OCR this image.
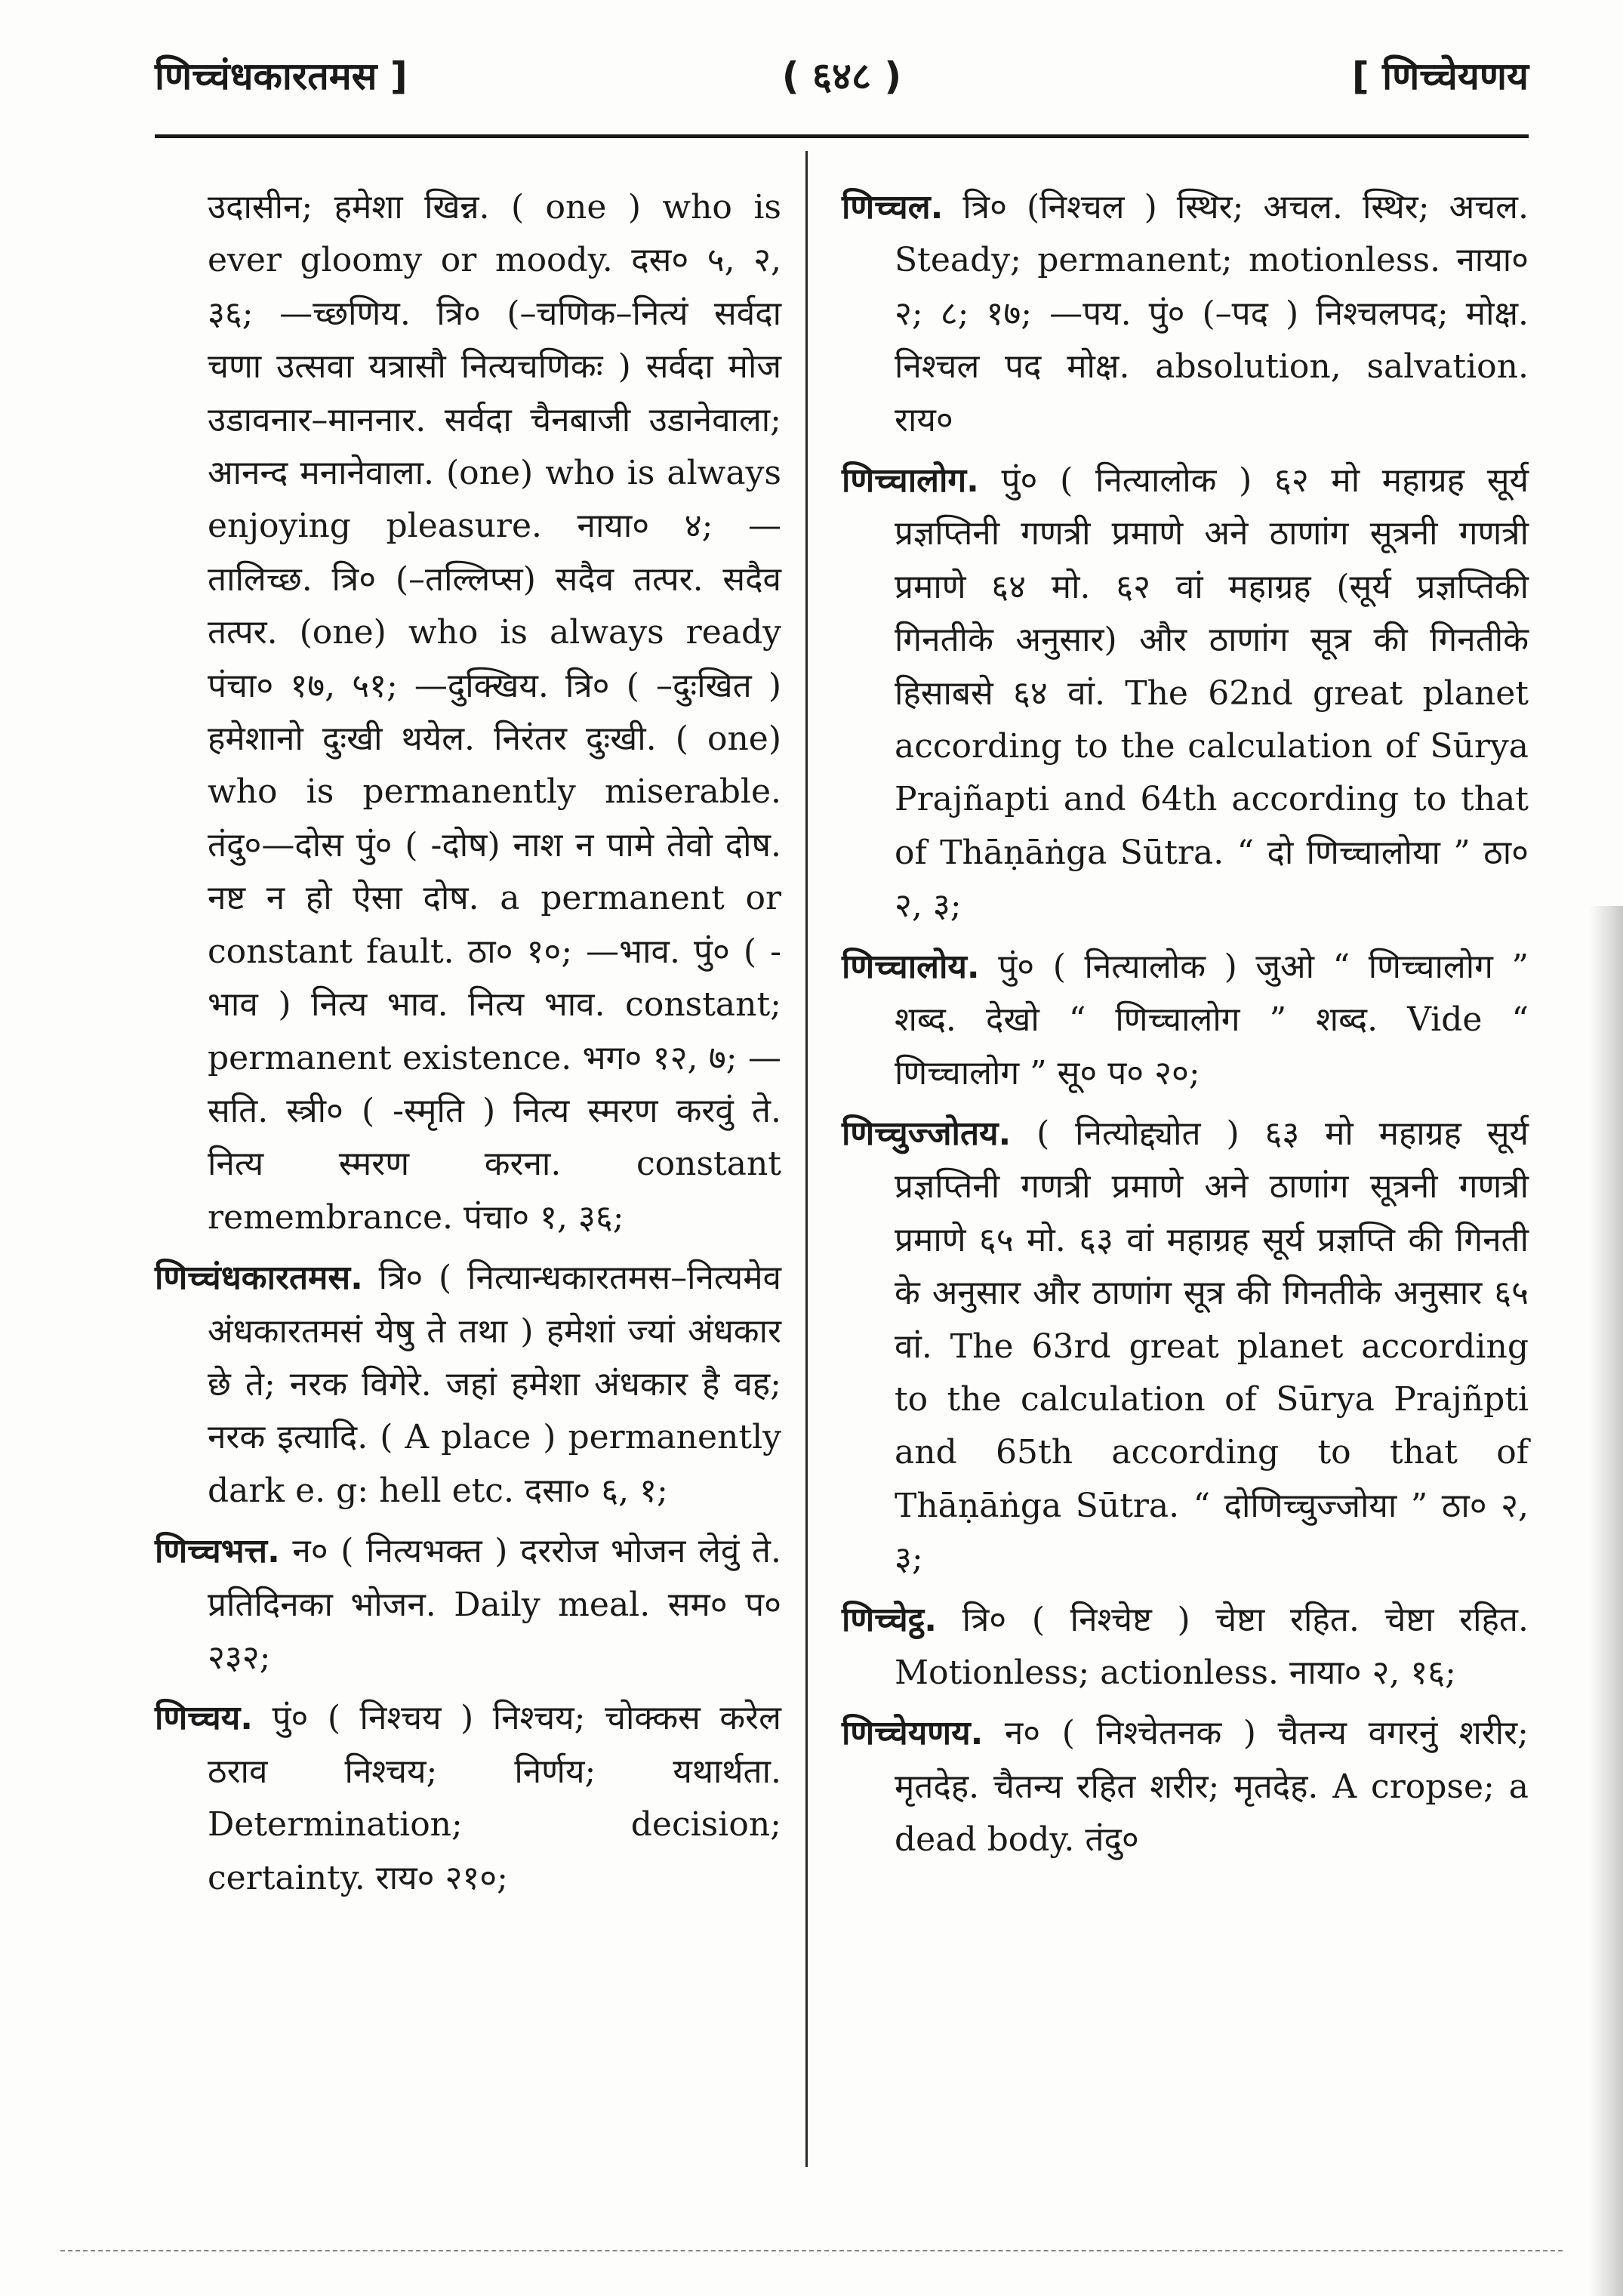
णिच्चंधकारतमस ]	( ६४८ )	[ णिच्चेयणय

उदासीन; हमेशा खिन्न. ( one ) who is ever gloomy or moody. दस० ५, २, ३६; —च्छणिय. त्रि० (–चणिक–नित्यं सर्वदा चणा उत्सवा यत्रासौ नित्यचणिकः ) सर्वदा मोज उडावनार–माननार. सर्वदा चैनबाजी उडानेवाला; आनन्द मनानेवाला. (one) who is always enjoying pleasure. नाया० ४; —तालिच्छ. त्रि० (–तल्लिप्स) सदैव तत्पर. सदैव तत्पर. (one) who is always ready पंचा० १७, ५१; —दुक्खिय. त्रि० ( –दुःखित ) हमेशानो दुःखी थयेल. निरंतर दुःखी. ( one) who is permanently miserable. तंदु०—दोस पुं० ( -दोष) नाश न पामे तेवो दोष. नष्ट न हो ऐसा दोष. a permanent or constant fault. ठा० १०; —भाव. पुं० ( -भाव ) नित्य भाव. नित्य भाव. constant; permanent existence. भग० १२, ७; —सति. स्त्री० ( -स्मृति ) नित्य स्मरण करवुं ते. नित्य स्मरण करना. constant remembrance. पंचा० १, ३६;

णिच्चंधकारतमस. त्रि० ( नित्यान्धकारतमस–नित्यमेव अंधकारतमसं येषु ते तथा ) हमेशां ज्यां अंधकार छे ते; नरक विगेरे. जहां हमेशा अंधकार है वह; नरक इत्यादि. ( A place ) permanently dark e. g: hell etc. दसा० ६, १;

णिच्चभत्त. न० ( नित्यभक्त ) दररोज भोजन लेवुं ते. प्रतिदिनका भोजन. Daily meal. सम० प० २३२;

णिच्चय. पुं० ( निश्चय ) निश्चय; चोक्कस करेल ठराव निश्चय; निर्णय; यथार्थता. Determination; decision; certainty. राय० २१०;

णिच्चल. त्रि० (निश्चल ) स्थिर; अचल. स्थिर; अचल. Steady; permanent; motionless. नाया० २; ८; १७; —पय. पुं० (–पद ) निश्चलपद; मोक्ष. निश्चल पद मोक्ष. absolution, salvation. राय०

णिच्चालोग. पुं० ( नित्यालोक ) ६२ मो महाग्रह सूर्य प्रज्ञप्तिनी गणत्री प्रमाणे अने ठाणांग सूत्रनी गणत्री प्रमाणे ६४ मो. ६२ वां महाग्रह (सूर्य प्रज्ञप्तिकी गिनतीके अनुसार) और ठाणांग सूत्र की गिनतीके हिसाबसे ६४ वां. The 62nd great planet according to the calculation of Sūrya Prajñapti and 64th according to that of Thāṇāṅga Sūtra. “ दो णिच्चालोया ” ठा० २, ३;

णिच्चालोय. पुं० ( नित्यालोक ) जुओ “ णिच्चालोग ” शब्द. देखो “ णिच्चालोग ” शब्द. Vide “ णिच्चालोग ” सू० प० २०;

णिच्चुज्जोतय. ( नित्योद्द्योत ) ६३ मो महाग्रह सूर्य प्रज्ञप्तिनी गणत्री प्रमाणे अने ठाणांग सूत्रनी गणत्री प्रमाणे ६५ मो. ६३ वां महाग्रह सूर्य प्रज्ञप्ति की गिनती के अनुसार और ठाणांग सूत्र की गिनतीके अनुसार ६५ वां. The 63rd great planet according to the calculation of Sūrya Prajñpti and 65th according to that of Thāṇāṅga Sūtra. “ दोणिच्चुज्जोया ” ठा० २, ३;

णिच्चेट्ठ. त्रि० ( निश्चेष्ट ) चेष्टा रहित. चेष्टा रहित. Motionless; actionless. नाया० २, १६;

णिच्चेयणय. न० ( निश्चेतनक ) चैतन्य वगरनुं शरीर; मृतदेह. चैतन्य रहित शरीर; मृतदेह. A cropse; a dead body. तंदु०
